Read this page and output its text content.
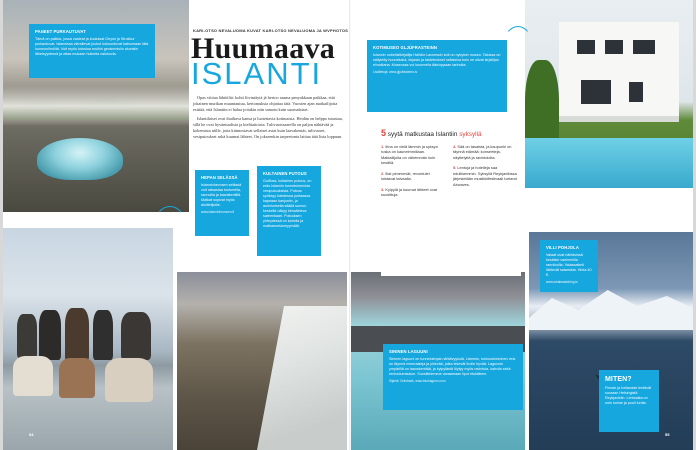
KARI-OTSO NEVALUOMA KUVAT KARI-OTSO NEVALUOMA JA WVPHOTOS
Huumaava
ISLANTI

Opas viittaa lähtöiltä: kohti liivintäytä jä hertoo rauma penyakkaan paikkaa, että jokainen murikan muuntautuu, kertomuksia ohjattaa tätä. Vuosien ajan matkailijoita esittää, että Islantiin ei halua joitakin niin samoin kuin suomalaiset.

Islantilaiset ovat ihailtava kansa ja luotettavia kotimaisia. Heidän on helppo tutustua, sillä he ovat hyväntuulisia ja kielitaitoisia. Tulivuorisaarella on paljon nähtävää ja kokemista niille, joita kiinnostavat sellaiset asiat kuin laavakentät, tulivuoret, vesiputoukset sekä kuumat lähteet. On jokseenkin tarpeetonta laittaa tätä lista loppuun.

PANEET PURKAUTUVAT
Tämä on paikka, jossa vaaleat ja kuuluisat Geysir ja Strokkur purkautuvat. Islannissa vierailevat joukot kokoontuvat katsomaan tätä luonnonilmiötä. Voit myös tutustua muihin geotermisiin alueisiin läheisyydessä ja ottaa mukaan huikeita valokuvia.
HEPAN SELÄSSÄ
Islanninhevosen selässä voit ratsastaa tuntureilla, rannoilla ja laavakentillä. Matkat sopivat myös aloittelijoille.
www.islanninhevonen.fi
KULTAINEN PUTOUS
Gullfoss, kultainen putous, on eräs Islannin tunnetuimmista vesiputouksista. Putous syöksyy kahdessa portaassa kapeaan kanjoniin, ja aurinkoisella säällä sumun keskellä näkyy kimalteleva sateenkaari. Putouksen yhteydessä on kahvila ja matkamuistomyymälä.
KOTIMUSEO GLJÚFRASTEINN
Islannin nobelistikirjailija Halldór Laxnessin koti on nykyisin museo. Talossa on säilytetty huonekalut, kirjasto ja taideteokset sellaisina kuin ne olivat kirjailijan elinaikana. Museossa voi kuunnella äänioppaan tarinoita.
Lisätietoja: www.gljufrasteinn.is
VILLI POHJOLA
Valaat ovat nähtävissä kesäisin useimmilla rannikoilla. Valassafarit lähtevät satamista. Hinta 40 €.
www.whalewatching.is
SININEN LAGUUNI
Sininen laguuni on tunnetuimpia nähtävyyksiä. Lämmin, turkoosinsininen vesi on täynnä mineraaleja ja piilevää, jotka tekevät iholle hyvää. Laguunin ympärillä on laavakenttää, ja kylpylästä löytyy myös ravintola, kahvila sekä rentoutumisalue. Suosittelemme varaamaan liput etukäteen.
Sijainti: Grindavik, www.bluelagoon.com	MITEN?
Finnair ja Icelandair lentävät suoraan Helsingistä Reykjavikiin. Lentoaika on noin kolme ja puoli tuntia.
5 syytä matkustaa Islantiin syksyllä
1. Ilma on vielä lämmin ja syksyn ruska on kauneimmillaan. Matkailijoita on vähemmän kuin kesällä.
2. Illat pimenevät, revontulet loistavat taivaalla.
3. Kylpylä ja kuumat lähteet ovat suosittuja.
4. Sää on tasaista, ja kaupunki on täynnä elämää: konsertteja, näyttelyitä ja ravintoloita.
5. Lentoja ja hotelleja saa edullisemmin. Syksyllä Reykjavikissa järjestetään musiikkifestivaali Iceland Airwaves.
54	55
